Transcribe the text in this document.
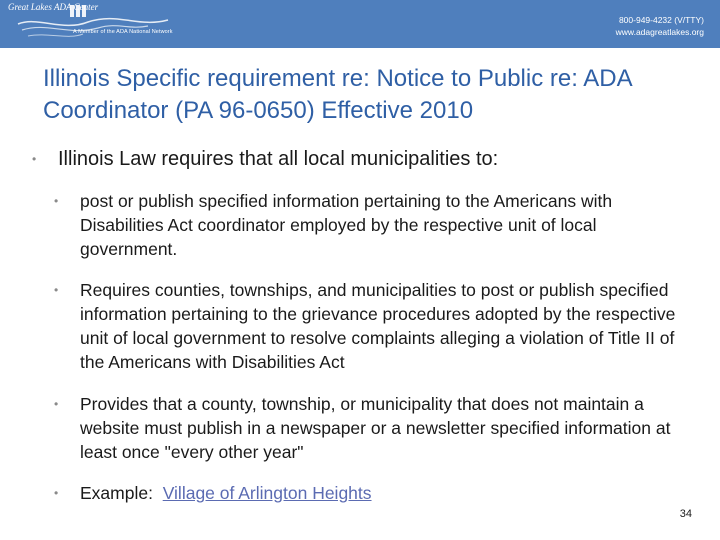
Great Lakes ADA Center
A Member of the ADA National Network
800-949-4232 (V/TTY)
www.adagreatlakes.org
Illinois Specific requirement re: Notice to Public re: ADA Coordinator (PA 96-0650) Effective 2010

• Illinois Law requires that all local municipalities to:

• post or publish specified information pertaining to the Americans with Disabilities Act coordinator employed by the respective unit of local government.

• Requires counties, townships, and municipalities to post or publish specified information pertaining to the grievance procedures adopted by the respective unit of local government to resolve complaints alleging a violation of Title II of the Americans with Disabilities Act

• Provides that a county, township, or municipality that does not maintain a website must publish in a newspaper or a newsletter specified information at least once "every other year"

• Example: Village of Arlington Heights

34
